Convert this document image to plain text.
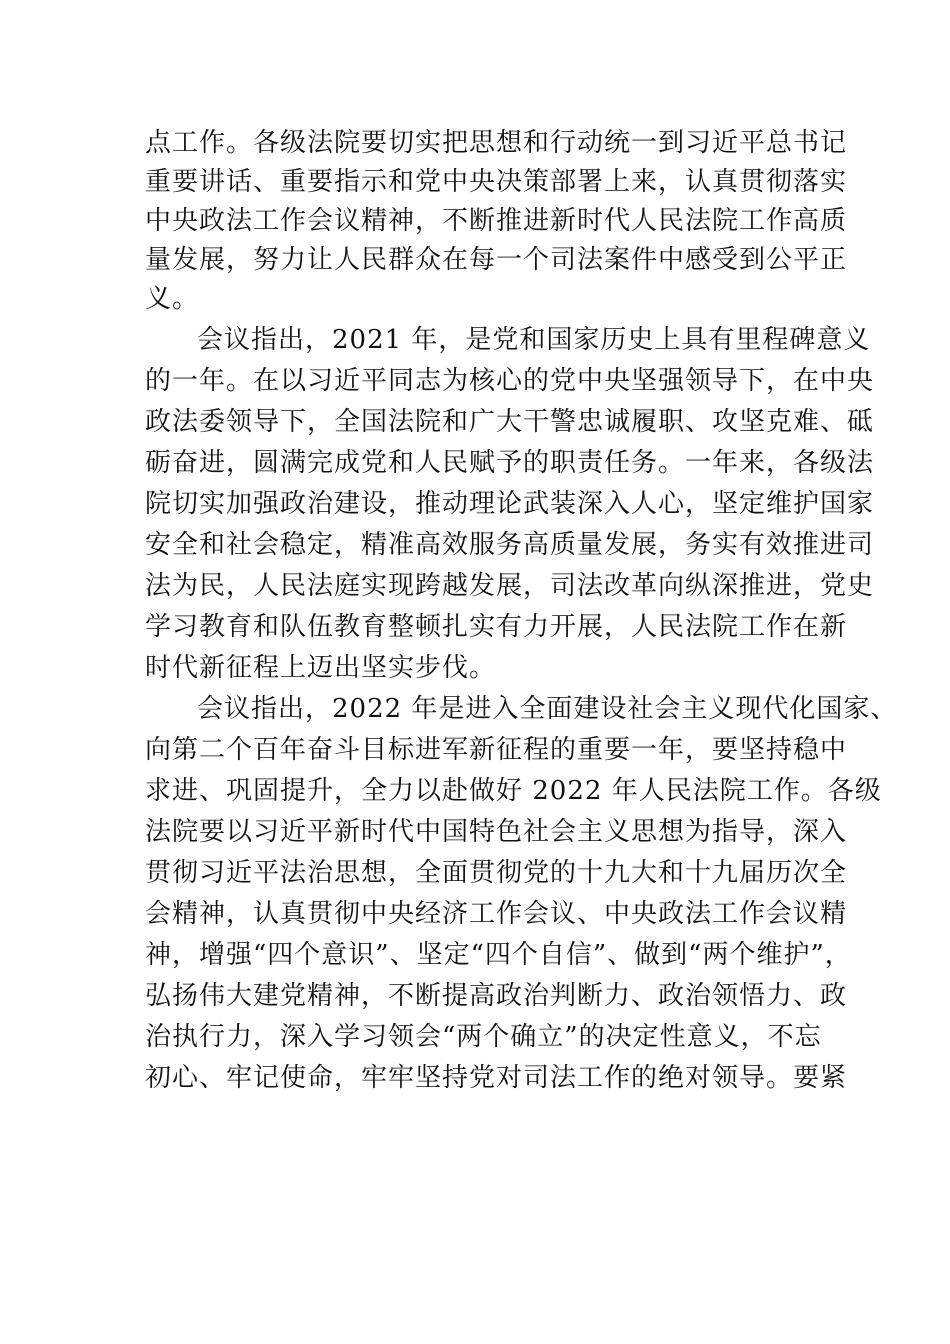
点工作。各级法院要切实把思想和行动统一到习近平总书记
重要讲话、重要指示和党中央决策部署上来，认真贯彻落实
中央政法工作会议精神，不断推进新时代人民法院工作高质
量发展，努力让人民群众在每一个司法案件中感受到公平正
义。
会议指出，2021 年，是党和国家历史上具有里程碑意义
的一年。在以习近平同志为核心的党中央坚强领导下，在中央
政法委领导下，全国法院和广大干警忠诚履职、攻坚克难、砥
砺奋进，圆满完成党和人民赋予的职责任务。一年来，各级法
院切实加强政治建设，推动理论武装深入人心，坚定维护国家
安全和社会稳定，精准高效服务高质量发展，务实有效推进司
法为民，人民法庭实现跨越发展，司法改革向纵深推进，党史
学习教育和队伍教育整顿扎实有力开展，人民法院工作在新
时代新征程上迈出坚实步伐。
会议指出，2022 年是进入全面建设社会主义现代化国家、
向第二个百年奋斗目标进军新征程的重要一年，要坚持稳中
求进、巩固提升，全力以赴做好 2022 年人民法院工作。各级
法院要以习近平新时代中国特色社会主义思想为指导，深入
贯彻习近平法治思想，全面贯彻党的十九大和十九届历次全
会精神，认真贯彻中央经济工作会议、中央政法工作会议精
神，增强“四个意识”、坚定“四个自信”、做到“两个维护”，
弘扬伟大建党精神，不断提高政治判断力、政治领悟力、政
治执行力，深入学习领会“两个确立”的决定性意义，不忘
初心、牢记使命，牢牢坚持党对司法工作的绝对领导。要紧
